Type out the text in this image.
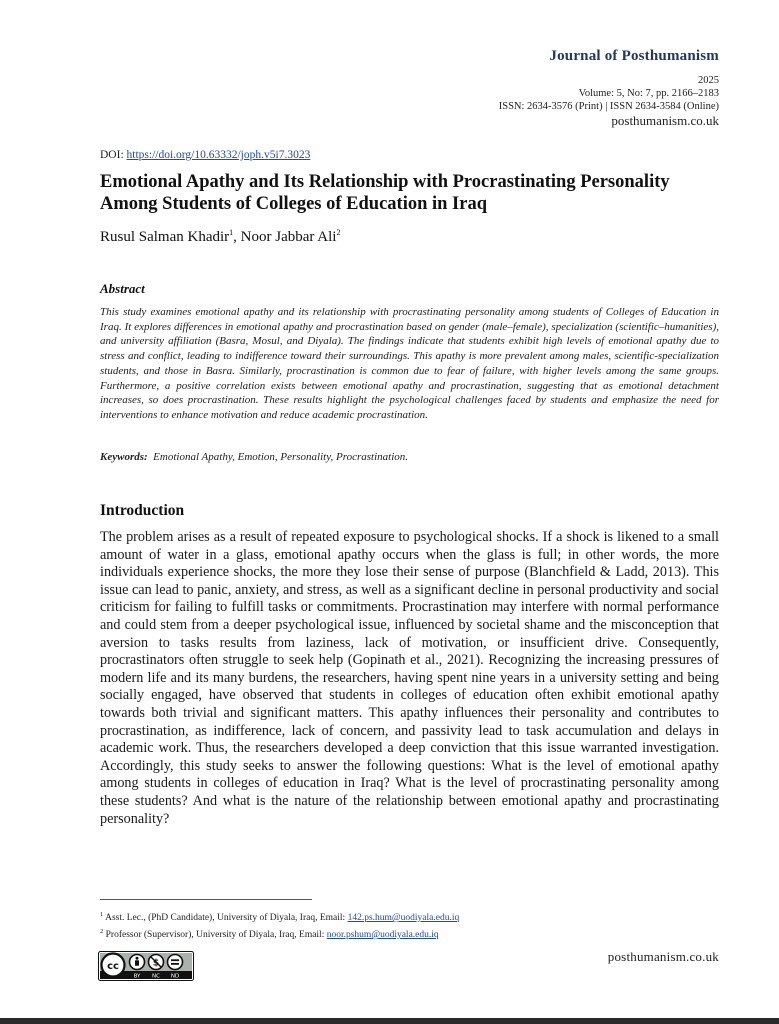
Journal of Posthumanism
2025
Volume: 5, No: 7, pp. 2166–2183
ISSN: 2634-3576 (Print) | ISSN 2634-3584 (Online)
posthumanism.co.uk
DOI: https://doi.org/10.63332/joph.v5i7.3023
Emotional Apathy and Its Relationship with Procrastinating Personality Among Students of Colleges of Education in Iraq
Rusul Salman Khadir$^1$, Noor Jabbar Ali$^2$
Abstract
This study examines emotional apathy and its relationship with procrastinating personality among students of Colleges of Education in Iraq. It explores differences in emotional apathy and procrastination based on gender (male–female), specialization (scientific–humanities), and university affiliation (Basra, Mosul, and Diyala). The findings indicate that students exhibit high levels of emotional apathy due to stress and conflict, leading to indifference toward their surroundings. This apathy is more prevalent among males, scientific-specialization students, and those in Basra. Similarly, procrastination is common due to fear of failure, with higher levels among the same groups. Furthermore, a positive correlation exists between emotional apathy and procrastination, suggesting that as emotional detachment increases, so does procrastination. These results highlight the psychological challenges faced by students and emphasize the need for interventions to enhance motivation and reduce academic procrastination.
Keywords: Emotional Apathy, Emotion, Personality, Procrastination.
Introduction
The problem arises as a result of repeated exposure to psychological shocks. If a shock is likened to a small amount of water in a glass, emotional apathy occurs when the glass is full; in other words, the more individuals experience shocks, the more they lose their sense of purpose (Blanchfield & Ladd, 2013). This issue can lead to panic, anxiety, and stress, as well as a significant decline in personal productivity and social criticism for failing to fulfill tasks or commitments. Procrastination may interfere with normal performance and could stem from a deeper psychological issue, influenced by societal shame and the misconception that aversion to tasks results from laziness, lack of motivation, or insufficient drive. Consequently, procrastinators often struggle to seek help (Gopinath et al., 2021). Recognizing the increasing pressures of modern life and its many burdens, the researchers, having spent nine years in a university setting and being socially engaged, have observed that students in colleges of education often exhibit emotional apathy towards both trivial and significant matters. This apathy influences their personality and contributes to procrastination, as indifference, lack of concern, and passivity lead to task accumulation and delays in academic work. Thus, the researchers developed a deep conviction that this issue warranted investigation. Accordingly, this study seeks to answer the following questions: What is the level of emotional apathy among students in colleges of education in Iraq? What is the level of procrastinating personality among these students? And what is the nature of the relationship between emotional apathy and procrastinating personality?
$^1$ Asst. Lec., (PhD Candidate), University of Diyala, Iraq, Email: 142.ps.hum@uodiyala.edu.iq
$^2$ Professor (Supervisor), University of Diyala, Iraq, Email: noor.pshum@uodiyala.edu.iq
cc	$
BY NC ND
posthumanism.co.uk
